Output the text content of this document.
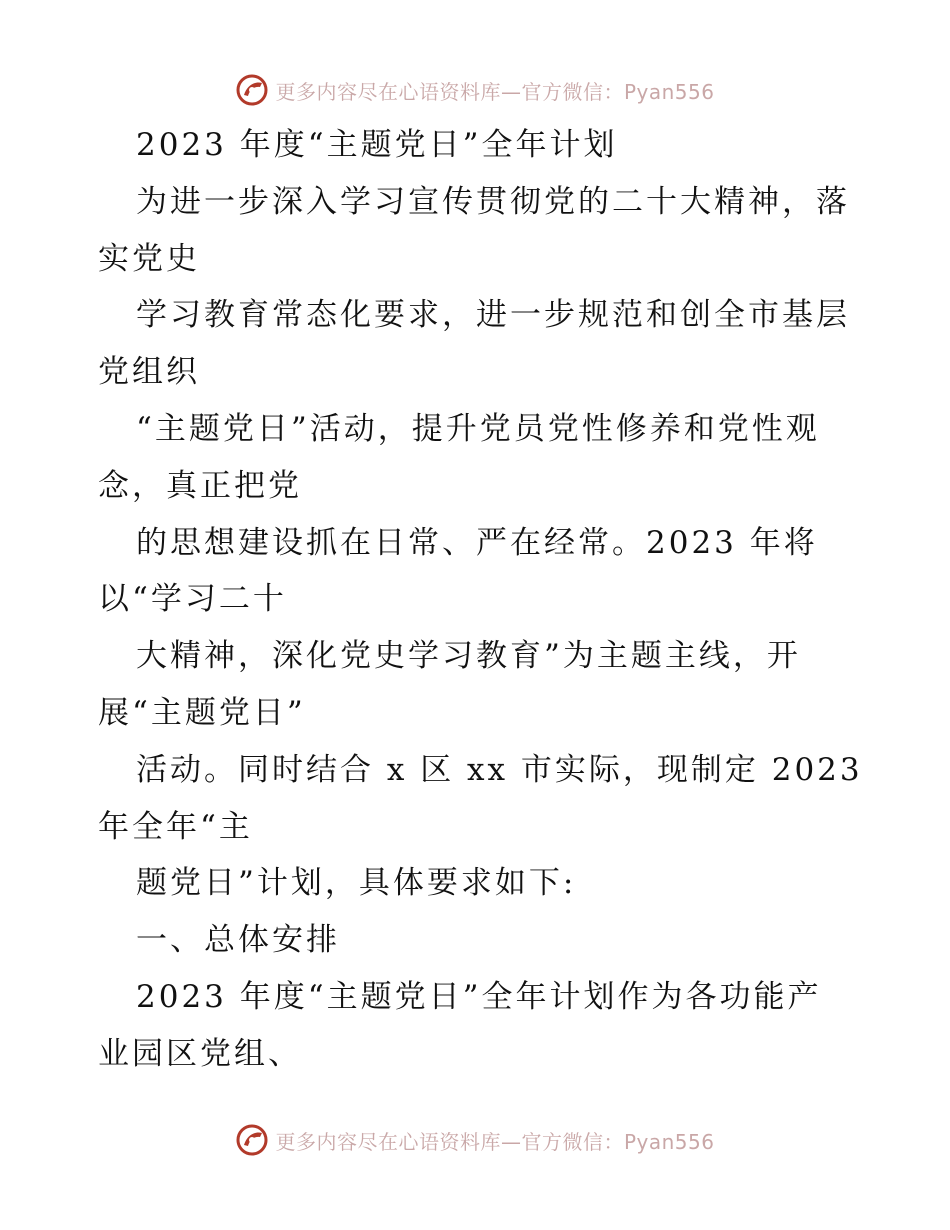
更多内容尽在心语资料库—官方微信：Pyan556
2023 年度“主题党日”全年计划
为进一步深入学习宣传贯彻党的二十大精神，落
实党史
学习教育常态化要求，进一步规范和创全市基层
党组织
“主题党日”活动，提升党员党性修养和党性观
念，真正把党
的思想建设抓在日常、严在经常。2023 年将
以“学习二十
大精神，深化党史学习教育”为主题主线，开
展“主题党日”
活动。同时结合 x 区 xx 市实际，现制定 2023
年全年“主
题党日”计划，具体要求如下:
一、总体安排
2023 年度“主题党日”全年计划作为各功能产
业园区党组、
更多内容尽在心语资料库—官方微信：Pyan556
